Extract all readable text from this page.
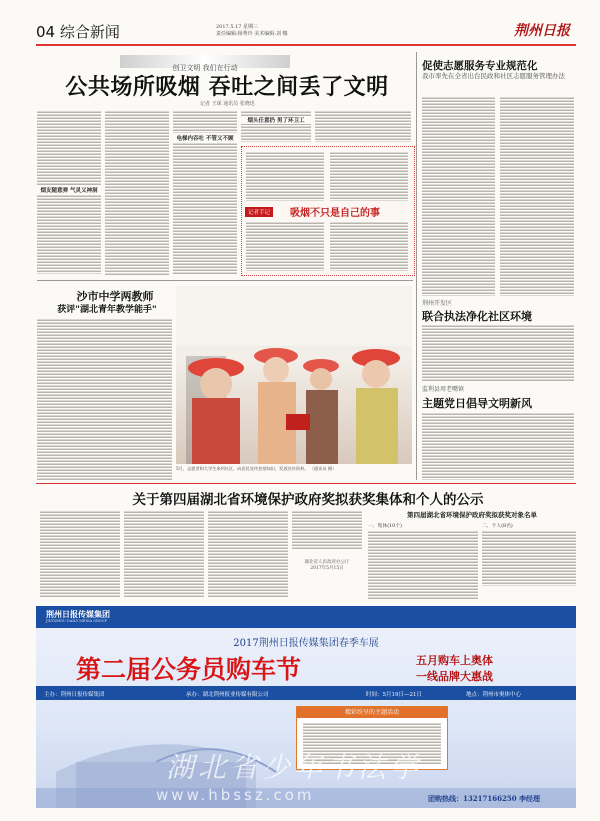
04 综合新闻	2017.5.17 星期三
责任编辑:杨秀玲 美术编辑:刘 娜	荆州日报
创卫文明 我们在行动
公共场所吸烟 吞吐之间丢了文明
记者 王琛 通讯员 张晓迅
烟友随意弹 气灵又神洞
电梯内吞吐 不管又不顾
烟头任意扔 男了环卫工
记者手记	吸烟不只是自己的事
促使志愿服务专业规范化
我市率先在全省出台民政和社区志愿服务管理办法
荆州开发区
联合执法净化社区环境
监利县周老嘴镇
主题党日倡导文明新风
沙市中学两教师
获评"湖北青年教学能手"
5月，志愿者和大学生来到社区，向居民宣传控烟知识，发放宣传资料。 （通讯员 摄）
关于第四届湖北省环境保护政府奖拟获奖集体和个人的公示
湖北省人民政府办公厅
2017年5月15日
第四届湖北省环境保护政府奖拟获奖对象名单
一、集体(10个)	二、个人(8名)
荆州日报传媒集团
JINGZHOU DAILY MEDIA GROUP
2017荆州日报传媒集团春季车展
第二届公务员购车节	五月购车上奥体
一线品牌大惠战
主办：荆州日报传媒集团	承办：湖北荆州报业传媒有限公司	时间：5月19日—21日	地点：荆州市奥体中心
精彩纷呈的主题活动
湖北省少年书法学
www.hbssz.com	团购热线：13217166250 李经理
